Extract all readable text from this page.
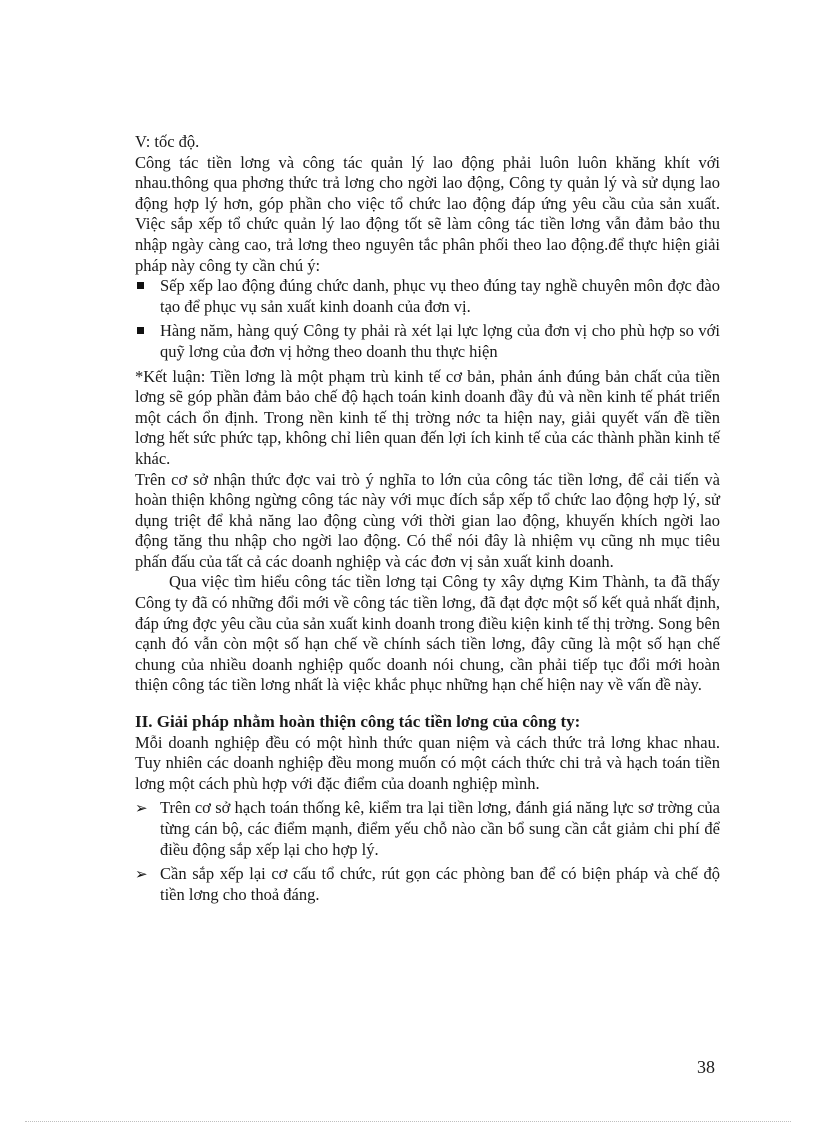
V: tốc độ.

Công tác tiền lơng và công tác quản lý lao động phải luôn luôn khăng khít với nhau.thông qua phơng thức trả lơng cho ngời lao động, Công ty quản lý và sử dụng lao động hợp lý hơn, góp phần cho việc tổ chức lao động đáp ứng yêu cầu của sản xuất. Việc sắp xếp tổ chức quản lý lao động tốt sẽ làm công tác tiền lơng vẫn đảm bảo thu nhập ngày càng cao, trả lơng theo nguyên tắc phân phối theo lao động.để thực hiện giải pháp này công ty cần chú ý:

Sếp xếp lao động đúng chức danh, phục vụ theo đúng tay nghề chuyên môn đợc đào tạo để phục vụ sản xuất kinh doanh của đơn vị.
Hàng năm, hàng quý Công ty phải rà xét lại lực lợng của đơn vị cho phù hợp so với quỹ lơng của đơn vị hởng theo doanh thu thực hiện

*Kết luận: Tiền lơng là một phạm trù kinh tế cơ bản, phản ánh đúng bản chất của tiền lơng sẽ góp phần đảm bảo chế độ hạch toán kinh doanh đầy đủ và nền kinh tế phát triển một cách ổn định. Trong nền kinh tế thị trờng nớc ta hiện nay, giải quyết vấn đề tiền lơng hết sức phức tạp, không chỉ liên quan đến lợi ích kinh tế của các thành phần kinh tế khác.

Trên cơ sở nhận thức đợc vai trò ý nghĩa to lớn của công tác tiền lơng, để cải tiến và hoàn thiện không ngừng công tác này với mục đích sắp xếp tổ chức lao động hợp lý, sử dụng triệt để khả năng lao động cùng với thời gian lao động, khuyến khích ngời lao động tăng thu nhập cho ngời lao động. Có thể nói đây là nhiệm vụ cũng nh mục tiêu phấn đấu của tất cả các doanh nghiệp và các đơn vị sản xuất kinh doanh.

Qua việc tìm hiểu công tác tiền lơng tại Công ty xây dựng Kim Thành, ta đã thấy Công ty đã có những đổi mới về công tác tiền lơng, đã đạt đợc một số kết quả nhất định, đáp ứng đợc yêu cầu của sản xuất kinh doanh trong điều kiện kinh tế thị trờng. Song bên cạnh đó vẫn còn một số hạn chế về chính sách tiền lơng, đây cũng là một số hạn chế chung của nhiều doanh nghiệp quốc doanh nói chung, cần phải tiếp tục đổi mới hoàn thiện công tác tiền lơng nhất là việc khắc phục những hạn chế hiện nay về vấn đề này.

II. Giải pháp nhằm hoàn thiện công tác tiền lơng của công ty:

Mỗi doanh nghiệp đều có một hình thức quan niệm và cách thức trả lơng khac nhau. Tuy nhiên các doanh nghiệp đều mong muốn có một cách thức chi trả và hạch toán tiền lơng một cách phù hợp với đặc điểm của doanh nghiệp mình.

➢ Trên cơ sở hạch toán thống kê, kiểm tra lại tiền lơng, đánh giá năng lực sơ trờng của từng cán bộ, các điểm mạnh, điểm yếu chỗ nào cần bổ sung cần cắt giảm chi phí để điều động sắp xếp lại cho hợp lý.
➢ Cần sắp xếp lại cơ cấu tổ chức, rút gọn các phòng ban để có biện pháp và chế độ tiền lơng cho thoả đáng.
38
